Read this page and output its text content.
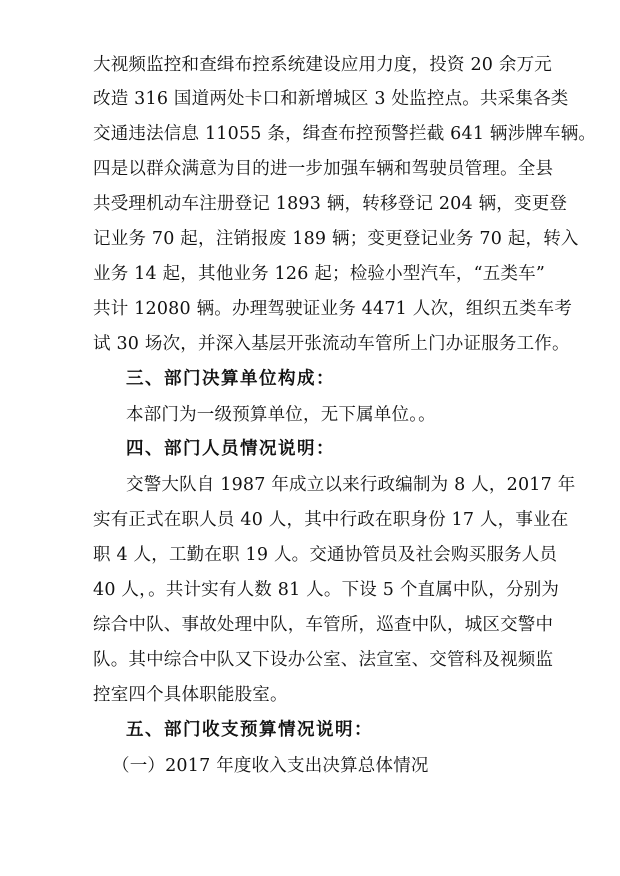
大视频监控和查缉布控系统建设应用力度，投资 20 余万元
改造 316 国道两处卡口和新增城区 3 处监控点。共采集各类
交通违法信息 11055 条，缉查布控预警拦截 641 辆涉牌车辆。
四是以群众满意为目的进一步加强车辆和驾驶员管理。全县
共受理机动车注册登记 1893 辆，转移登记 204 辆，变更登
记业务 70 起，注销报废 189 辆；变更登记业务 70 起，转入
业务 14 起，其他业务 126 起；检验小型汽车，“五类车”
共计 12080 辆。办理驾驶证业务 4471 人次，组织五类车考
试 30 场次，并深入基层开张流动车管所上门办证服务工作。
三、部门决算单位构成：
本部门为一级预算单位，无下属单位。。
四、部门人员情况说明：
交警大队自 1987 年成立以来行政编制为 8 人，2017 年
实有正式在职人员 40 人，其中行政在职身份 17 人，事业在
职 4 人，工勤在职 19 人。交通协管员及社会购买服务人员
40 人，。共计实有人数 81 人。下设 5 个直属中队，分别为
综合中队、事故处理中队，车管所，巡查中队，城区交警中
队。其中综合中队又下设办公室、法宣室、交管科及视频监
控室四个具体职能股室。
五、部门收支预算情况说明：
（一）2017 年度收入支出决算总体情况
